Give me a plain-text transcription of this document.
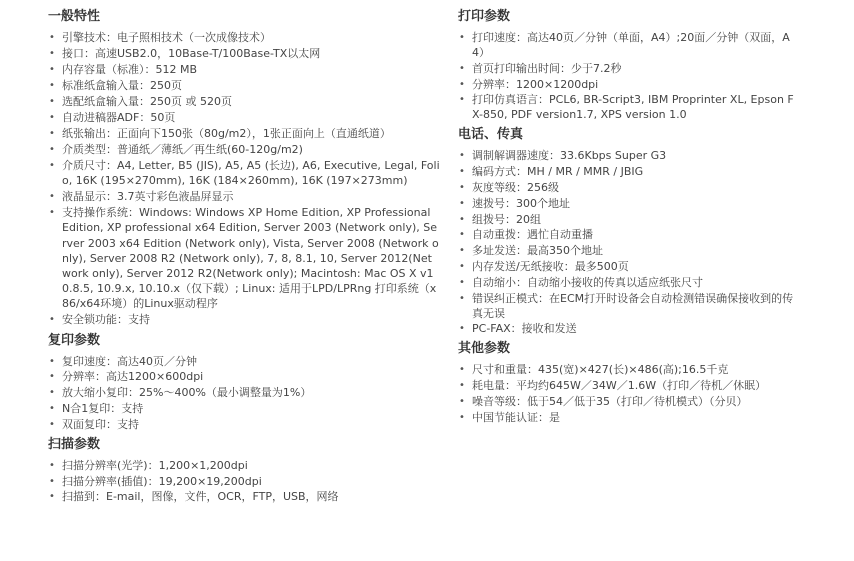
一般特性
• 引擎技术：电子照相技术（一次成像技术）
• 接口：高速USB2.0，10Base-T/100Base-TX以太网
• 内存容量（标准）：512 MB
• 标准纸盒输入量：250页
• 选配纸盒输入量：250页 或 520页
• 自动进稿器ADF：50页
• 纸张输出：正面向下150张（80g/m2），1张正面向上（直通纸道）
• 介质类型：普通纸／薄纸／再生纸(60-120g/m2)
• 介质尺寸：A4, Letter, B5 (JIS), A5, A5 (长边), A6, Executive, Legal, Folio, 16K (195×270mm), 16K (184×260mm), 16K (197×273mm)
• 液晶显示：3.7英寸彩色液晶屏显示
• 支持操作系统：Windows: Windows XP Home Edition, XP Professional Edition, XP professional x64 Edition, Server 2003 (Network only), Server 2003 x64 Edition (Network only), Vista, Server 2008 (Network only), Server 2008 R2 (Network only), 7, 8, 8.1, 10, Server 2012(Network only), Server 2012 R2(Network only); Macintosh: Mac OS X v10.8.5, 10.9.x, 10.10.x（仅下载）; Linux: 适用于LPD/LPRng 打印系统（x86/x64环境）的Linux驱动程序
• 安全锁功能：支持
复印参数
• 复印速度：高达40页／分钟
• 分辨率：高达1200×600dpi
• 放大缩小复印：25%～400%（最小调整量为1%）
• N合1复印：支持
• 双面复印：支持
扫描参数
• 扫描分辨率(光学)：1,200×1,200dpi
• 扫描分辨率(插值)：19,200×19,200dpi
• 扫描到：E-mail，图像，文件，OCR，FTP，USB，网络
打印参数
• 打印速度：高达40页／分钟（单面，A4）;20面／分钟（双面，A4）
• 首页打印输出时间：少于7.2秒
• 分辨率：1200×1200dpi
• 打印仿真语言：PCL6, BR-Script3, IBM Proprinter XL, Epson FX-850, PDF version1.7, XPS version 1.0
电话、传真
• 调制解调器速度：33.6Kbps Super G3
• 编码方式：MH / MR / MMR / JBIG
• 灰度等级：256级
• 速拨号：300个地址
• 组拨号：20组
• 自动重拨：遇忙自动重播
• 多址发送：最高350个地址
• 内存发送/无纸接收：最多500页
• 自动缩小：自动缩小接收的传真以适应纸张尺寸
• 错误纠正模式：在ECM打开时设备会自动检测错误确保接收到的传真无误
• PC-FAX：接收和发送
其他参数
• 尺寸和重量：435(宽)×427(长)×486(高);16.5千克
• 耗电量：平均约645W／34W／1.6W（打印／待机／休眠）
• 噪音等级：低于54／低于35（打印／待机模式）（分贝）
• 中国节能认证：是
